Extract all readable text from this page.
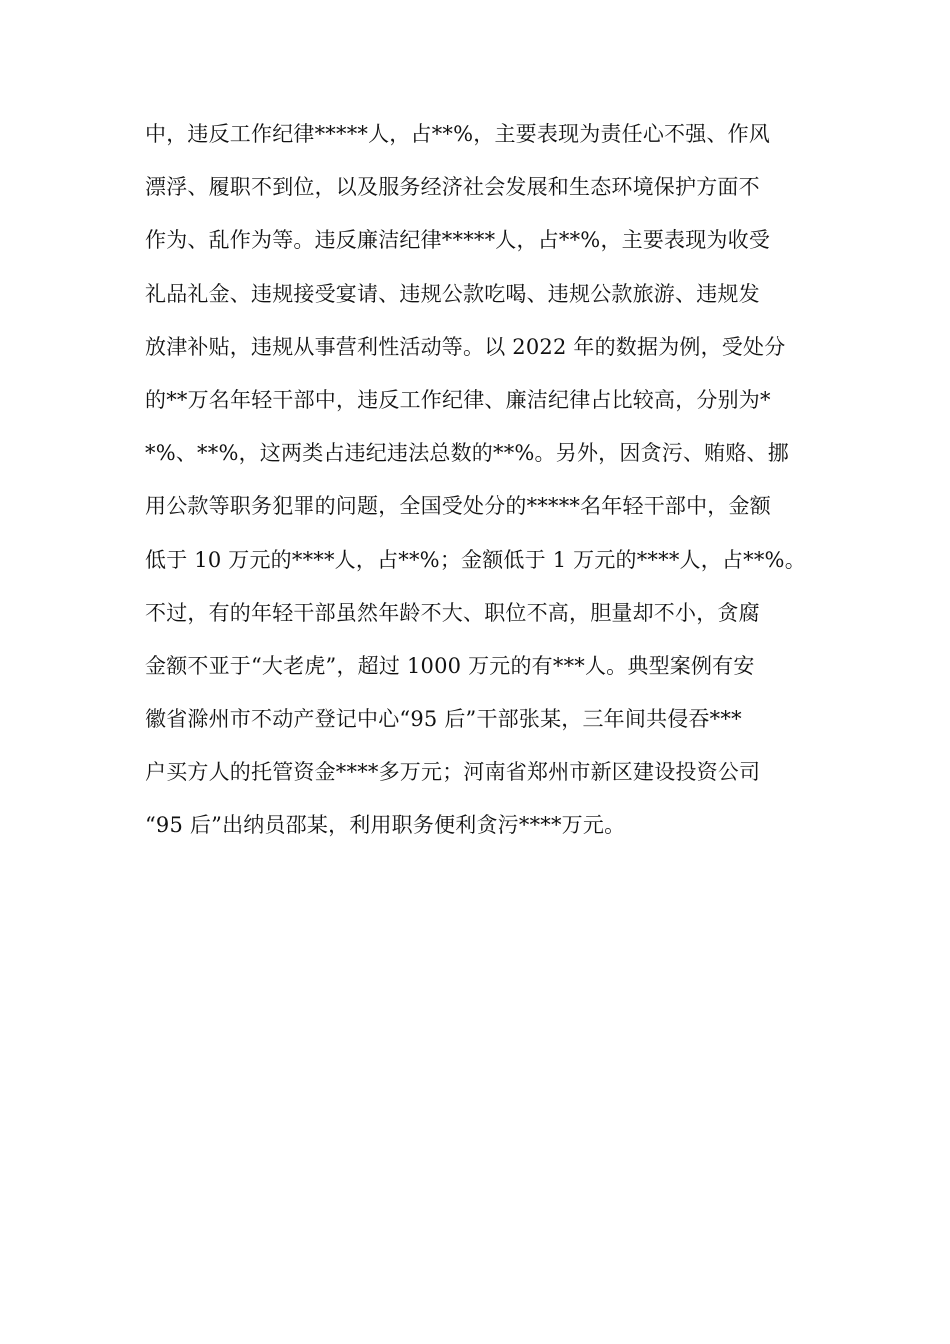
中，违反工作纪律*****人，占**%，主要表现为责任心不强、作风
漂浮、履职不到位，以及服务经济社会发展和生态环境保护方面不
作为、乱作为等。违反廉洁纪律*****人，占**%，主要表现为收受
礼品礼金、违规接受宴请、违规公款吃喝、违规公款旅游、违规发
放津补贴，违规从事营利性活动等。以 2022 年的数据为例，受处分
的**万名年轻干部中，违反工作纪律、廉洁纪律占比较高，分别为*
*%、**%，这两类占违纪违法总数的**%。另外，因贪污、贿赂、挪
用公款等职务犯罪的问题，全国受处分的*****名年轻干部中，金额
低于 10 万元的****人，占**%；金额低于 1 万元的****人，占**%。
不过，有的年轻干部虽然年龄不大、职位不高，胆量却不小，贪腐
金额不亚于“大老虎”，超过 1000 万元的有***人。典型案例有安
徽省滁州市不动产登记中心“95 后”干部张某，三年间共侵吞***
户买方人的托管资金****多万元；河南省郑州市新区建设投资公司
“95 后”出纳员邵某，利用职务便利贪污****万元。
